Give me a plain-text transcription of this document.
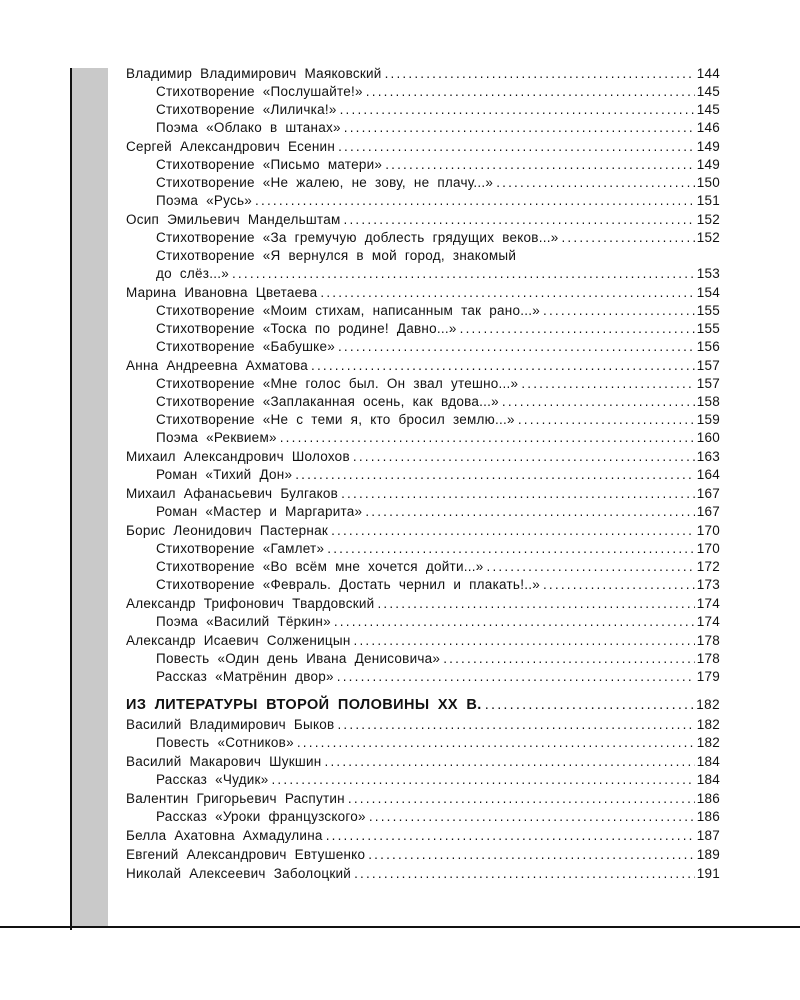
Владимир Владимирович Маяковский .....	144
Стихотворение «Послушайте!» .....	145
Стихотворение «Лиличка!» .....	145
Поэма «Облако в штанах» .....	146
Сергей Александрович Есенин .....	149
Стихотворение «Письмо матери» .....	149
Стихотворение «Не жалею, не зову, не плачу...» .....	150
Поэма «Русь» .....	151
Осип Эмильевич Мандельштам .....	152
Стихотворение «За гремучую доблесть грядущих веков...» .....	152
Стихотворение «Я вернулся в мой город, знакомый
до слёз...» .....	153
Марина Ивановна Цветаева .....	154
Стихотворение «Моим стихам, написанным так рано...» .....	155
Стихотворение «Тоска по родине! Давно...» .....	155
Стихотворение «Бабушке» .....	156
Анна Андреевна Ахматова .....	157
Стихотворение «Мне голос был. Он звал утешно...» .....	157
Стихотворение «Заплаканная осень, как вдова...» .....	158
Стихотворение «Не с теми я, кто бросил землю...» .....	159
Поэма «Реквием» .....	160
Михаил Александрович Шолохов .....	163
Роман «Тихий Дон» .....	164
Михаил Афанасьевич Булгаков .....	167
Роман «Мастер и Маргарита» .....	167
Борис Леонидович Пастернак .....	170
Стихотворение «Гамлет» .....	170
Стихотворение «Во всём мне хочется дойти...» .....	172
Стихотворение «Февраль. Достать чернил и плакать!..» .....	173
Александр Трифонович Твардовский .....	174
Поэма «Василий Тёркин» .....	174
Александр Исаевич Солженицын .....	178
Повесть «Один день Ивана Денисовича» .....	178
Рассказ «Матрёнин двор» .....	179
ИЗ ЛИТЕРАТУРЫ ВТОРОЙ ПОЛОВИНЫ XX В. .....	182
Василий Владимирович Быков .....	182
Повесть «Сотников» .....	182
Василий Макарович Шукшин .....	184
Рассказ «Чудик» .....	184
Валентин Григорьевич Распутин .....	186
Рассказ «Уроки французского» .....	186
Белла Ахатовна Ахмадулина .....	187
Евгений Александрович Евтушенко .....	189
Николай Алексеевич Заболоцкий .....	191
